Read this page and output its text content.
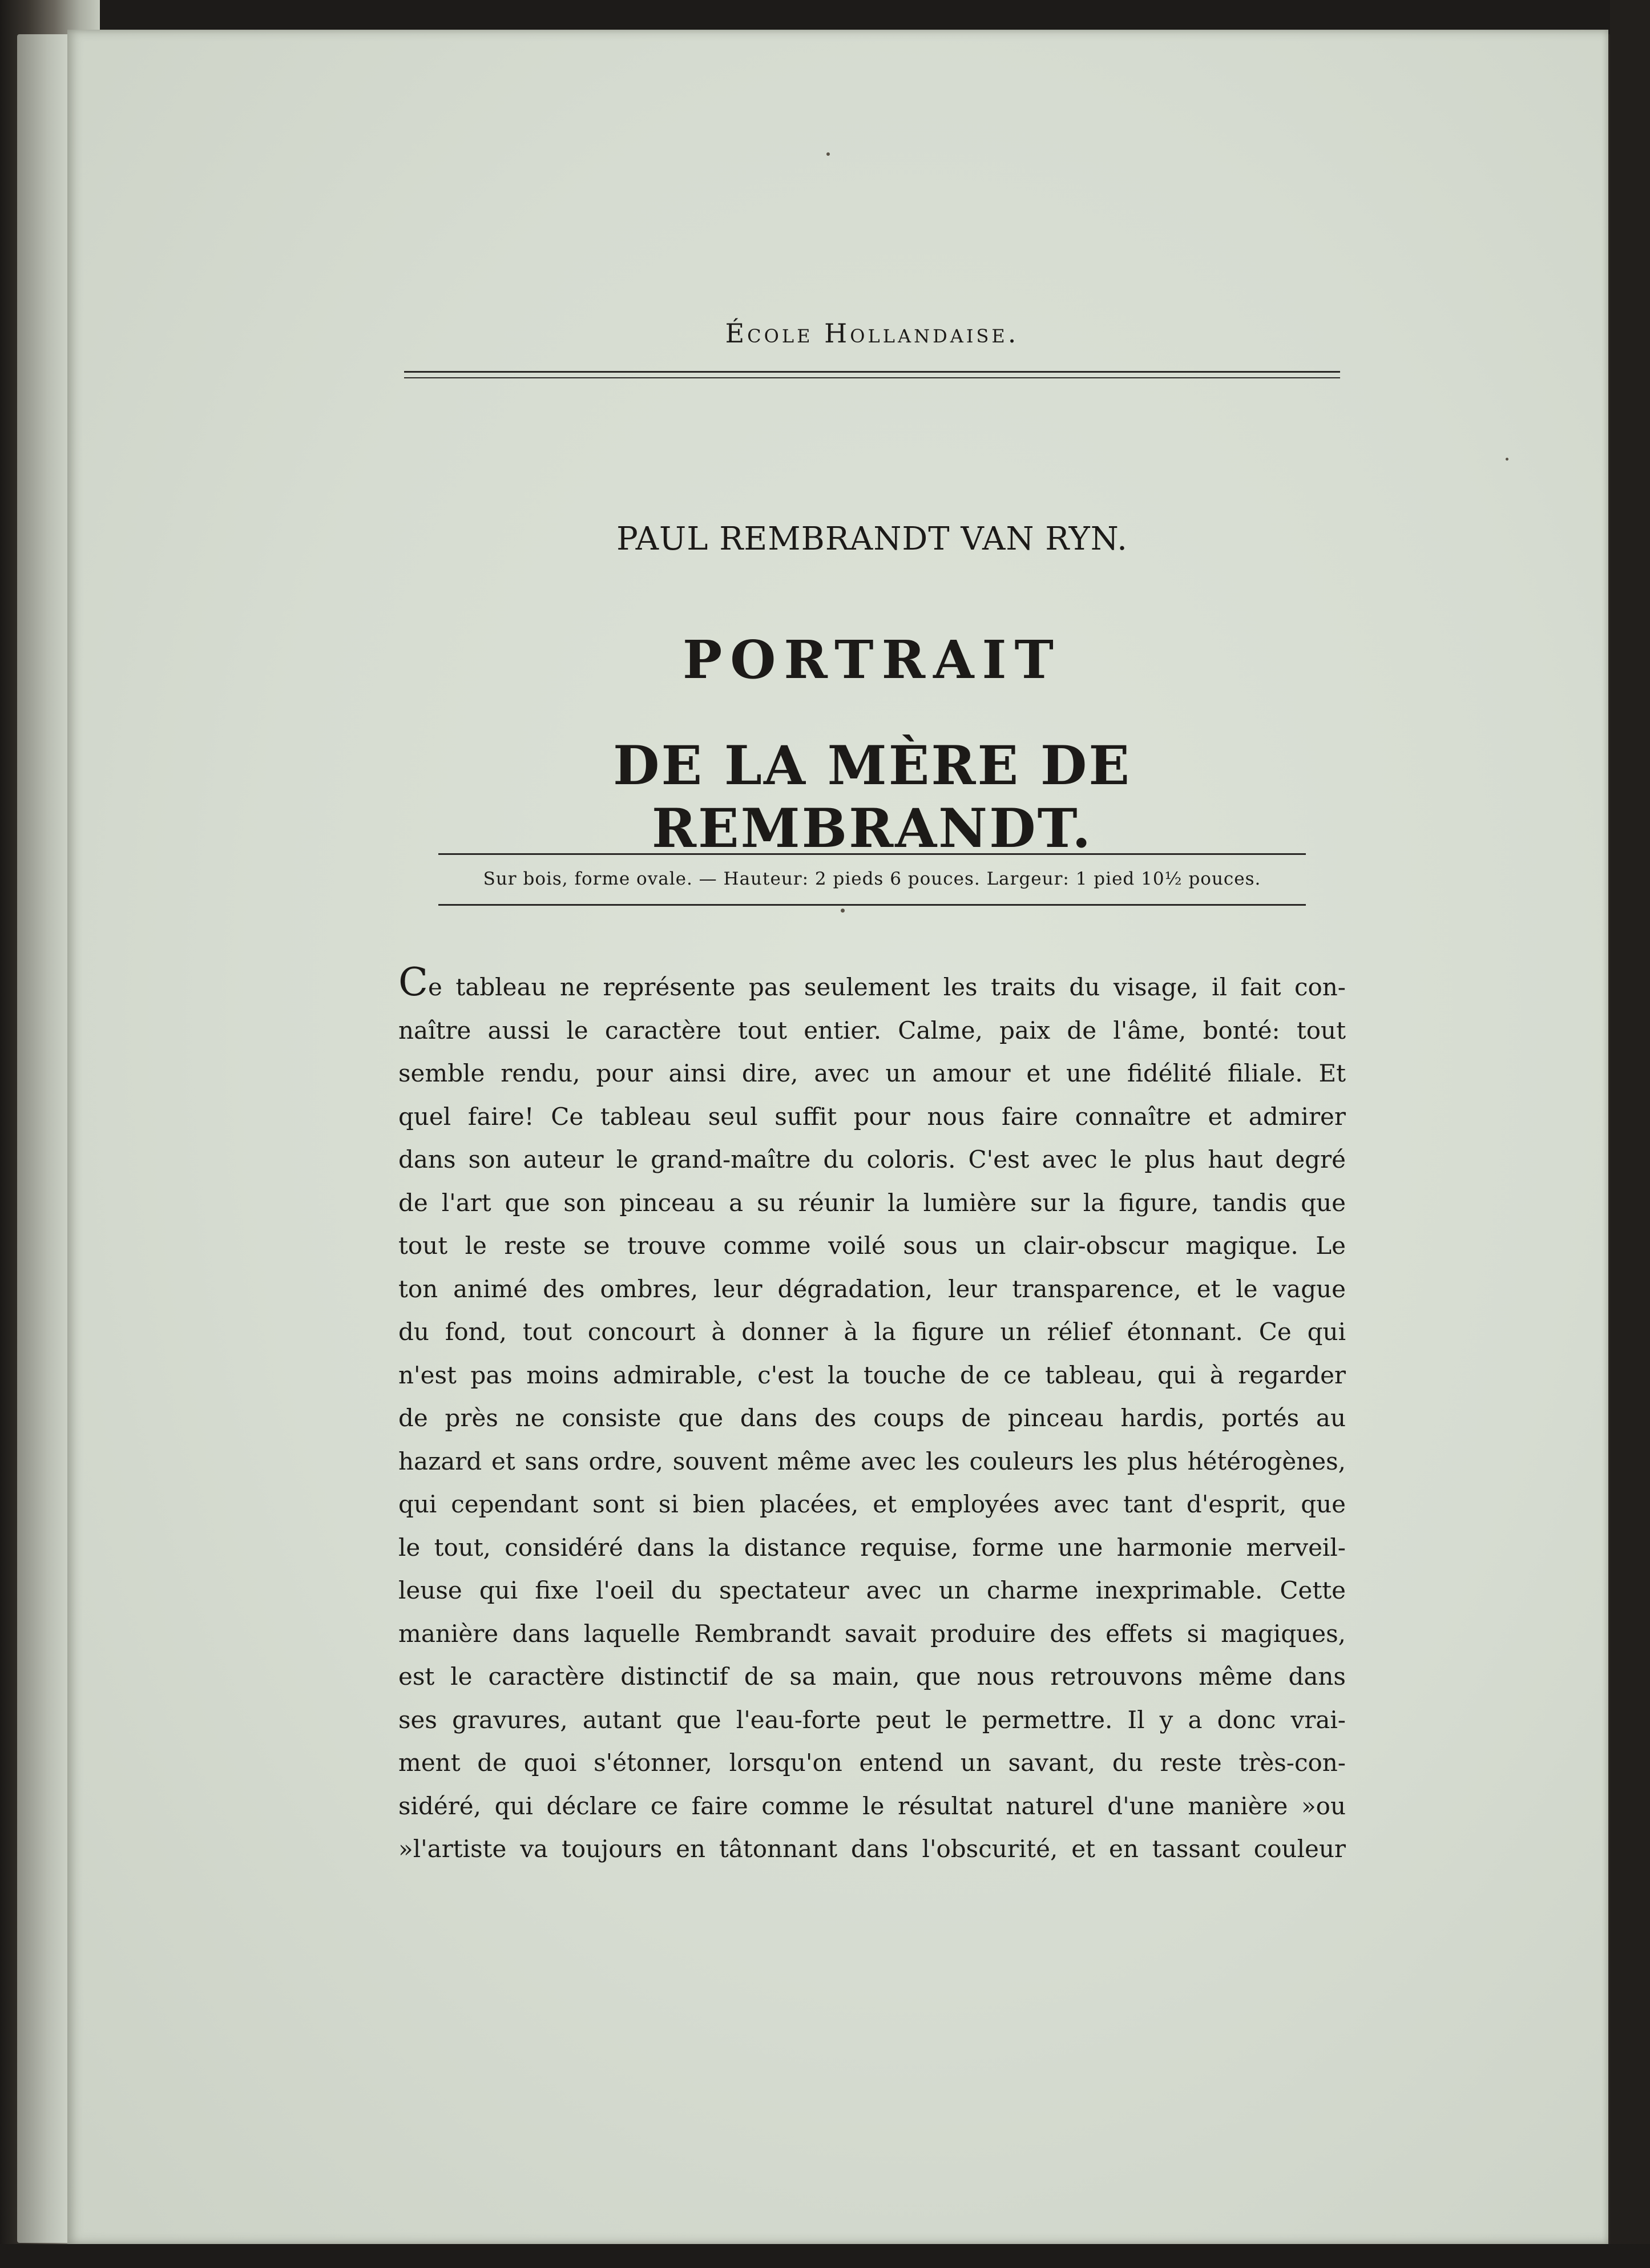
École Hollandaise.
PAUL REMBRANDT VAN RYN.
PORTRAIT
DE LA MÈRE DE REMBRANDT.
Sur bois, forme ovale. — Hauteur: 2 pieds 6 pouces. Largeur: 1 pied 10½ pouces.
Ce tableau ne représente pas seulement les traits du visage, il fait con-
naître aussi le caractère tout entier. Calme, paix de l'âme, bonté: tout
semble rendu, pour ainsi dire, avec un amour et une fidélité filiale. Et
quel faire! Ce tableau seul suffit pour nous faire connaître et admirer
dans son auteur le grand-maître du coloris. C'est avec le plus haut degré
de l'art que son pinceau a su réunir la lumière sur la figure, tandis que
tout le reste se trouve comme voilé sous un clair-obscur magique. Le
ton animé des ombres, leur dégradation, leur transparence, et le vague
du fond, tout concourt à donner à la figure un rélief étonnant. Ce qui
n'est pas moins admirable, c'est la touche de ce tableau, qui à regarder
de près ne consiste que dans des coups de pinceau hardis, portés au
hazard et sans ordre, souvent même avec les couleurs les plus hétérogènes,
qui cependant sont si bien placées, et employées avec tant d'esprit, que
le tout, considéré dans la distance requise, forme une harmonie merveil-
leuse qui fixe l'oeil du spectateur avec un charme inexprimable. Cette
manière dans laquelle Rembrandt savait produire des effets si magiques,
est le caractère distinctif de sa main, que nous retrouvons même dans
ses gravures, autant que l'eau-forte peut le permettre. Il y a donc vrai-
ment de quoi s'étonner, lorsqu'on entend un savant, du reste très-con-
sidéré, qui déclare ce faire comme le résultat naturel d'une manière »ou
»l'artiste va toujours en tâtonnant dans l'obscurité, et en tassant couleur
